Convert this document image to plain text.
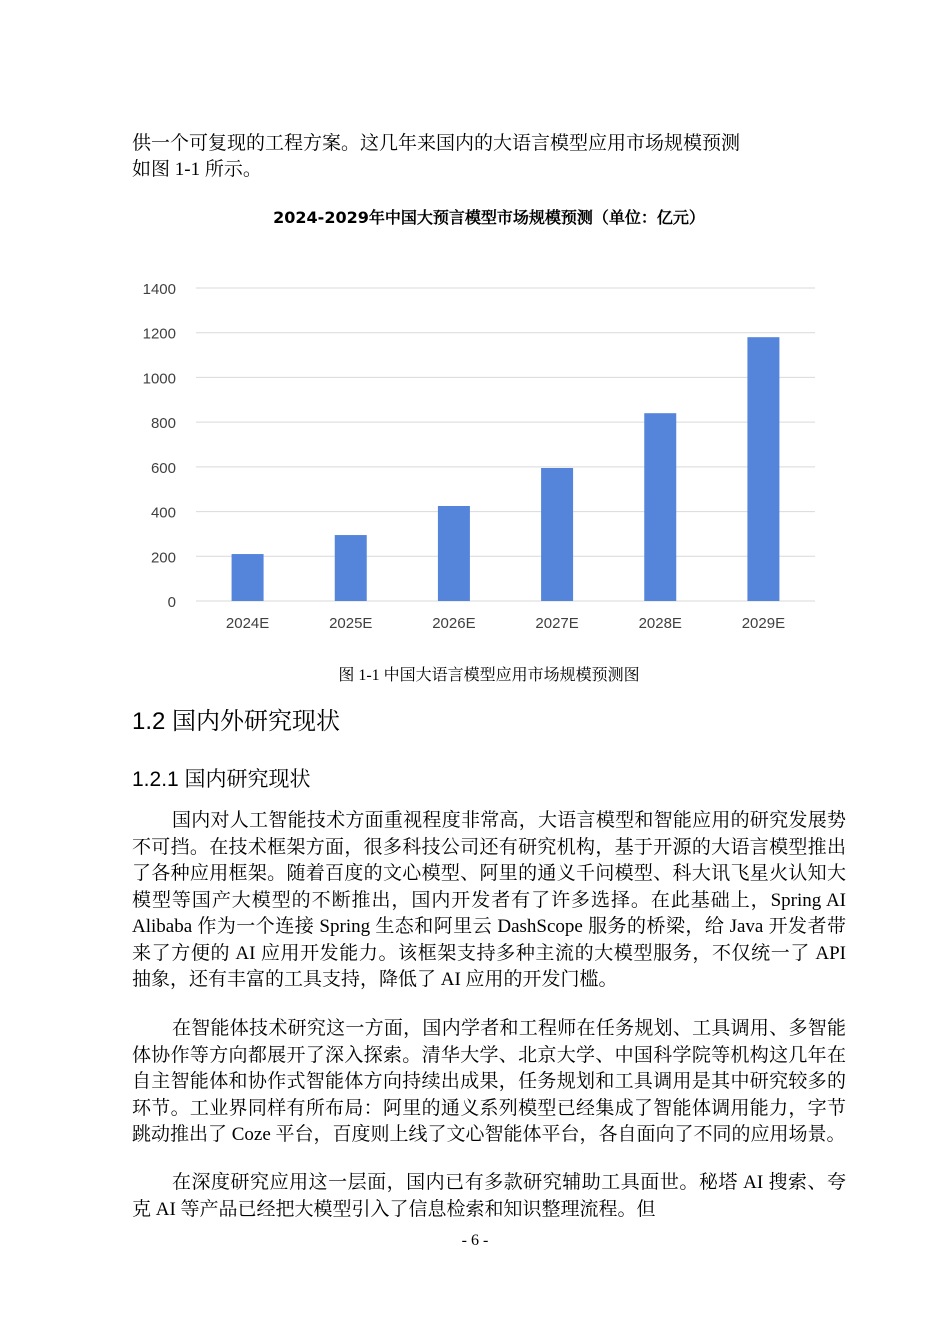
供一个可复现的工程方案。这几年来国内的大语言模型应用市场规模预测

如图 1-1 所示。

2024-2029年中国大预言模型市场规模预测（单位：亿元）
0
200
400
600
800
1000
1200
1400
2024E	2025E	2026E	2027E	2028E	2029E
图 1-1 中国大语言模型应用市场规模预测图
1.2 国内外研究现状
1.2.1 国内研究现状

国内对人工智能技术方面重视程度非常高，大语言模型和智能应用的研究发展势不可挡。在技术框架方面，很多科技公司还有研究机构，基于开源的大语言模型推出了各种应用框架。随着百度的文心模型、阿里的通义千问模型、科大讯飞星火认知大模型等国产大模型的不断推出，国内开发者有了许多选择。在此基础上，Spring AI Alibaba 作为一个连接 Spring 生态和阿里云 DashScope 服务的桥梁，给 Java 开发者带来了方便的 AI 应用开发能力。该框架支持多种主流的大模型服务，不仅统一了 API 抽象，还有丰富的工具支持，降低了 AI 应用的开发门槛。

在智能体技术研究这一方面，国内学者和工程师在任务规划、工具调用、多智能体协作等方向都展开了深入探索。清华大学、北京大学、中国科学院等机构这几年在自主智能体和协作式智能体方向持续出成果，任务规划和工具调用是其中研究较多的环节。工业界同样有所布局：阿里的通义系列模型已经集成了智能体调用能力，字节跳动推出了 Coze 平台，百度则上线了文心智能体平台，各自面向了不同的应用场景。

在深度研究应用这一层面，国内已有多款研究辅助工具面世。秘塔 AI 搜索、夸克 AI 等产品已经把大模型引入了信息检索和知识整理流程。但

- 6 -
